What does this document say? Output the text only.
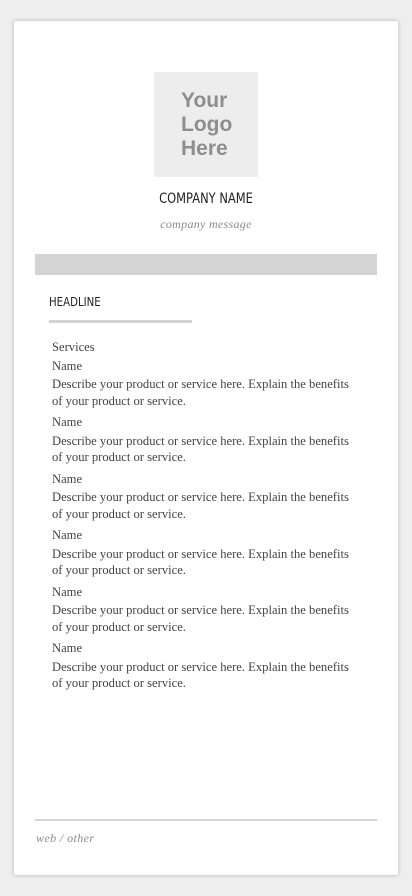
Your
Logo
Here

COMPANY NAME
company message
HEADLINE
Services
Name
Describe your product or service here. Explain the benefits of your product or service.
Name
Describe your product or service here. Explain the benefits of your product or service.
Name
Describe your product or service here. Explain the benefits of your product or service.
Name
Describe your product or service here. Explain the benefits of your product or service.
Name
Describe your product or service here. Explain the benefits of your product or service.
Name
Describe your product or service here. Explain the benefits of your product or service.
web / other
